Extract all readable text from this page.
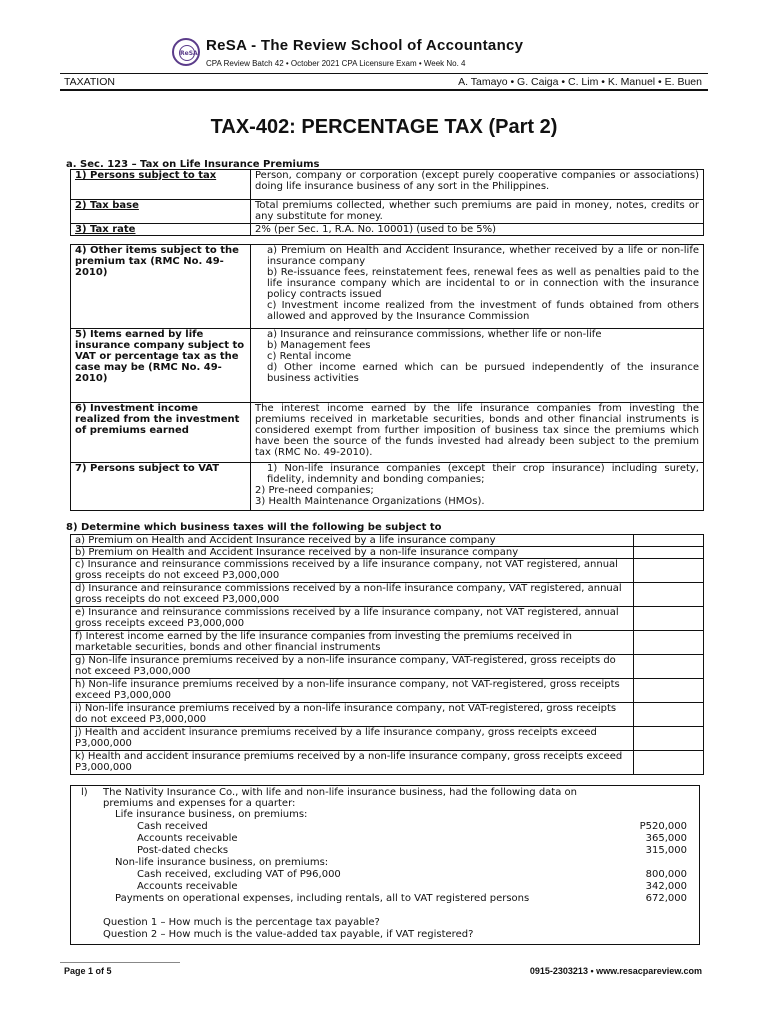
ReSA ReSA - The Review School of Accountancy
CPA Review Batch 42 • October 2021 CPA Licensure Exam • Week No. 4
TAXATION	A. Tamayo • G. Caiga • C. Lim • K. Manuel • E. Buen
TAX-402: PERCENTAGE TAX (Part 2)
a. Sec. 123 – Tax on Life Insurance Premiums
1) Persons subject to tax	Person, company or corporation (except purely cooperative companies or associations) doing life insurance business of any sort in the Philippines.
2) Tax base	Total premiums collected, whether such premiums are paid in money, notes, credits or any substitute for money.
3) Tax rate	2% (per Sec. 1, R.A. No. 10001) (used to be 5%)
4) Other items subject to the premium tax (RMC No. 49-2010)	a) Premium on Health and Accident Insurance, whether received by a life or non-life insurance company
b) Re-issuance fees, reinstatement fees, renewal fees as well as penalties paid to the life insurance company which are incidental to or in connection with the insurance policy contracts issued
c) Investment income realized from the investment of funds obtained from others allowed and approved by the Insurance Commission

5) Items earned by life insurance company subject to VAT or percentage tax as the case may be (RMC No. 49-2010)	a) Insurance and reinsurance commissions, whether life or non-life
b) Management fees
c) Rental income
d) Other income earned which can be pursued independently of the insurance business activities

6) Investment income realized from the investment of premiums earned	The interest income earned by the life insurance companies from investing the premiums received in marketable securities, bonds and other financial instruments is considered exempt from further imposition of business tax since the premiums which have been the source of the funds invested had already been subject to the premium tax (RMC No. 49-2010).
7) Persons subject to VAT	1) Non-life insurance companies (except their crop insurance) including surety, fidelity, indemnity and bonding companies;
2) Pre-need companies;
3) Health Maintenance Organizations (HMOs).
8) Determine which business taxes will the following be subject to
a) Premium on Health and Accident Insurance received by a life insurance company	
b) Premium on Health and Accident Insurance received by a non-life insurance company	
c) Insurance and reinsurance commissions received by a life insurance company, not VAT registered, annual gross receipts do not exceed P3,000,000	
d) Insurance and reinsurance commissions received by a non-life insurance company, VAT registered, annual gross receipts do not exceed P3,000,000	
e) Insurance and reinsurance commissions received by a life insurance company, not VAT registered, annual gross receipts exceed P3,000,000	
f) Interest income earned by the life insurance companies from investing the premiums received in marketable securities, bonds and other financial instruments	
g) Non-life insurance premiums received by a non-life insurance company, VAT-registered, gross receipts do not exceed P3,000,000	
h) Non-life insurance premiums received by a non-life insurance company, not VAT-registered, gross receipts exceed P3,000,000	
i) Non-life insurance premiums received by a non-life insurance company, not VAT-registered, gross receipts do not exceed P3,000,000	
j) Health and accident insurance premiums received by a life insurance company, gross receipts exceed P3,000,000	
k) Health and accident insurance premiums received by a non-life insurance company, gross receipts exceed P3,000,000	
l) The Nativity Insurance Co., with life and non-life insurance business, had the following data on
premiums and expenses for a quarter:
Life insurance business, on premiums:
Cash received	P520,000
Accounts receivable	365,000
Post-dated checks	315,000
Non-life insurance business, on premiums:
Cash received, excluding VAT of P96,000	800,000
Accounts receivable	342,000
Payments on operational expenses, including rentals, all to VAT registered persons	672,000
Question 1 – How much is the percentage tax payable?
Question 2 – How much is the value-added tax payable, if VAT registered?
Page 1 of 5	0915-2303213 • www.resacpareview.com
